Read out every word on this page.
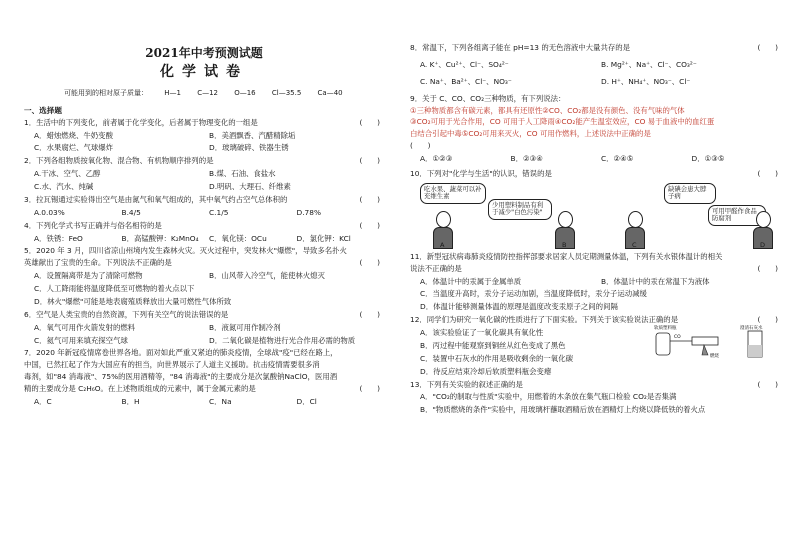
2021年中考预测试题
化学试卷
可能用到的相对原子质量： H—1 C—12 O—16 Cl—35.5 Ca—40
一、选择题
1．生活中的下列变化，前者属于化学变化，后者属于物理变化的一组是	(　　)
A．蜡烛燃烧、牛奶变酸	B．美酒飘香、汽醋精除垢
C．水果腐烂、气球爆炸	D．玻璃破碎、铁器生锈
2．下列各组物质按氧化物、混合物、有机物顺序排列的是	(　　)
A.干冰、空气、乙醇	B.煤、石油、食盐水
C.水、汽水、纯碱	D.明矾、大理石、纤维素
3．拉瓦锡通过实验得出空气是由氮气和氧气组成的，其中氧气约占空气总体积的	(　　)
A.0.03%	B.4/5	C.1/5	D.78%
4．下列化学式书写正确并与俗名相符的是	(　　)
A．铁锈：FeO	B．高锰酸钾：K₂MnO₄	C．氧化镁：OCu	D．氯化钾：KCl
5．2020 年 3 月，四川省凉山州境内发生森林火灾。灭火过程中，突发林火"爆燃"，导致多名扑火
英雄献出了宝贵的生命。下列说法不正确的是	(　　)
A．设置隔离带是为了清除可燃物	B．山风带入冷空气，能使林火熄灭
C．人工降雨能将温度降低至可燃物的着火点以下
D．林火"爆燃"可能是地表腐殖质释放出大量可燃性气体所致
6．空气是人类宝贵的自然资源，下列有关空气的说法错误的是	(　　)
A．氧气可用作火箭发射的燃料	B．液氮可用作制冷剂
C．氦气可用来填充探空气球	D．二氧化碳是植物进行光合作用必需的物质
7．2020 年新冠疫情席卷世界各地。面对如此严重又紧迫的肺炎疫情，全球战"疫"已经在路上，
中国，已然扛起了作为大国应有的担当，向世界展示了人道主义援助。抗击疫情需要很多消
毒剂，如"84 消毒液"、75%的医用酒精等，"84 消毒液"的主要成分是次氯酸钠NaClO，医用酒
精的主要成分是 C₂H₆O。在上述物质组成的元素中，属于金属元素的是	(　　)
A．C	B．H	C．Na	D．Cl
8．常温下，下列各组离子能在 pH=13 的无色溶液中大量共存的是	(　　)
A. K⁺、Cu²⁺、Cl⁻、SO₄²⁻	B. Mg²⁺、Na⁺、Cl⁻、CO₃²⁻
C. Na⁺、Ba²⁺、Cl⁻、NO₃⁻	D. H⁺、NH₄⁺、NO₃⁻、Cl⁻
9．关于 C、CO、CO₂三种物质，有下列说法：
①三种物质都含有碳元素，都具有还原性②CO、CO₂都是没有颜色、没有气味的气体
③CO₂可用于光合作用，CO 可用于人工降雨④CO₂能产生温室效应，CO 易于血液中的血红蛋
白结合引起中毒⑤CO₂可用来灭火，CO 可用作燃料，上述说法中正确的是
(　　)
A．①②③	B．②③④	C．②④⑤	D．①③⑤
10．下列对"化学与生活"的认识，错误的是	(　　)
吃水果、蔬菜可以补充维生素
少用塑料制品有利于减少"白色污染"
A	B
缺碘会患大脖子病
可用甲醛作食品防腐剂
C	D
11．新型冠状病毒肺炎疫情防控指挥部要求居家人员定期测量体温，下列有关水银体温计的相关
说法不正确的是	(　　)
A．体温计中的汞属于金属单质	B．体温计中的汞在常温下为液体
C．当温度升高时，汞分子运动加剧，当温度降低时，汞分子运动减缓
D．体温计能够测量体温的原理是温度改变汞原子之间的间隔
12．同学们为研究一氧化碳的性质进行了下面实验。下列关于该实验说法正确的是	(　　)
A．该实验验证了一氧化碳具有氧化性
B．丙过程中能观察到铜丝从红色变成了黑色
C．装置中石灰水的作用是吸收剩余的一氧化碳
D．待反应结束冷却后软质塑料瓶会变瘪
软质塑料瓶
CO
燃烧
澄清石灰水
13．下列有关实验的叙述正确的是	(　　)
A．"CO₂的制取与性质"实验中，用燃着的木条放在集气瓶口检验 CO₂是否集满
B．"物质燃烧的条件"实验中，用玻璃杆蘸取酒精后放在酒精灯上灼烧以降低铁的着火点
